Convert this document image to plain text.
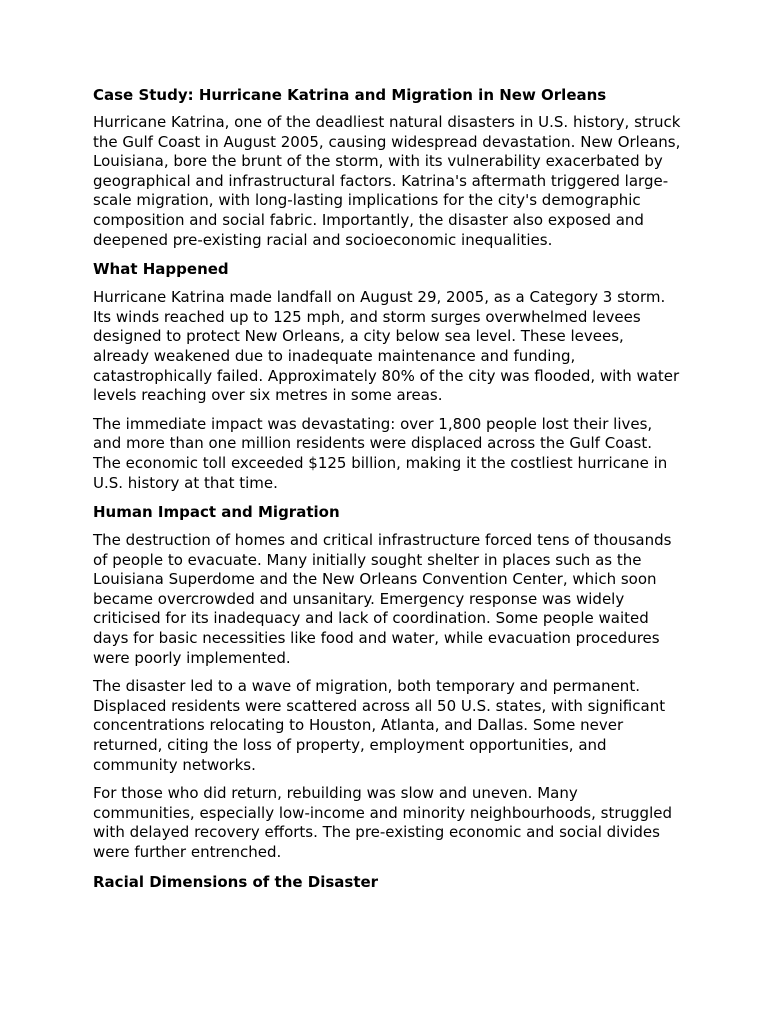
Case Study: Hurricane Katrina and Migration in New Orleans

Hurricane Katrina, one of the deadliest natural disasters in U.S. history, struck the Gulf Coast in August 2005, causing widespread devastation. New Orleans, Louisiana, bore the brunt of the storm, with its vulnerability exacerbated by geographical and infrastructural factors. Katrina's aftermath triggered large-scale migration, with long-lasting implications for the city's demographic composition and social fabric. Importantly, the disaster also exposed and deepened pre-existing racial and socioeconomic inequalities.

What Happened

Hurricane Katrina made landfall on August 29, 2005, as a Category 3 storm. Its winds reached up to 125 mph, and storm surges overwhelmed levees designed to protect New Orleans, a city below sea level. These levees, already weakened due to inadequate maintenance and funding, catastrophically failed. Approximately 80% of the city was flooded, with water levels reaching over six metres in some areas.

The immediate impact was devastating: over 1,800 people lost their lives, and more than one million residents were displaced across the Gulf Coast. The economic toll exceeded $125 billion, making it the costliest hurricane in U.S. history at that time.

Human Impact and Migration

The destruction of homes and critical infrastructure forced tens of thousands of people to evacuate. Many initially sought shelter in places such as the Louisiana Superdome and the New Orleans Convention Center, which soon became overcrowded and unsanitary. Emergency response was widely criticised for its inadequacy and lack of coordination. Some people waited days for basic necessities like food and water, while evacuation procedures were poorly implemented.

The disaster led to a wave of migration, both temporary and permanent. Displaced residents were scattered across all 50 U.S. states, with significant concentrations relocating to Houston, Atlanta, and Dallas. Some never returned, citing the loss of property, employment opportunities, and community networks.

For those who did return, rebuilding was slow and uneven. Many communities, especially low-income and minority neighbourhoods, struggled with delayed recovery efforts. The pre-existing economic and social divides were further entrenched.

Racial Dimensions of the Disaster
